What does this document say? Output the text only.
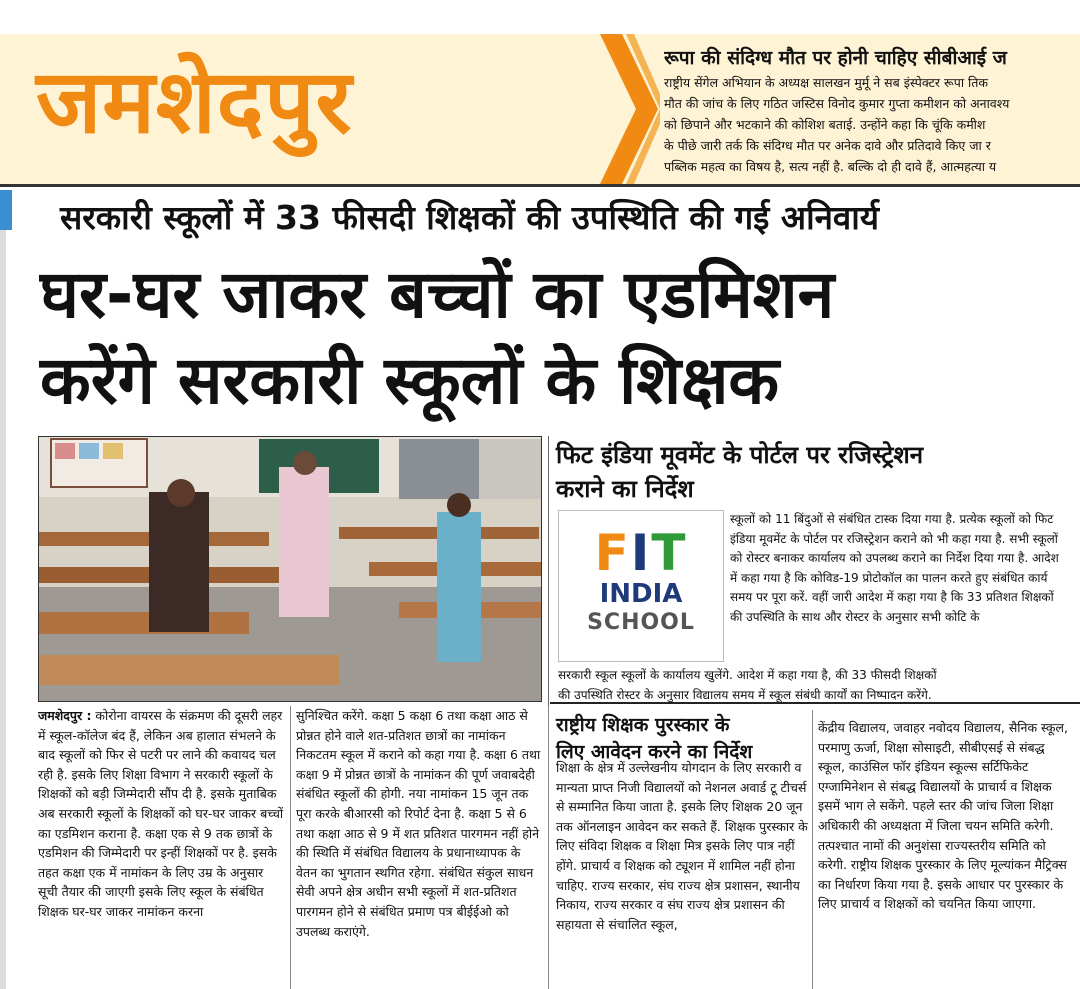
जमशेदपुर	रूपा की संदिग्ध मौत पर होनी चाहिए सीबीआई ज
राष्ट्रीय सेंगेल अभियान के अध्यक्ष सालखन मुर्मू ने सब इंस्पेक्टर रूपा तिक
मौत की जांच के लिए गठित जस्टिस विनोद कुमार गुप्ता कमीशन को अनावश्य
को छिपाने और भटकाने की कोशिश बताई. उन्होंने कहा कि चूंकि कमीश
के पीछे जारी तर्क कि संदिग्ध मौत पर अनेक दावे और प्रतिदावे किए जा र
पब्लिक महत्व का विषय है, सत्य नहीं है. बल्कि दो ही दावे हैं, आत्महत्या य
सरकारी स्कूलों में 33 फीसदी शिक्षकों की उपस्थिति की गई अनिवार्य
घर-घर जाकर बच्चों का एडमिशन
करेंगे सरकारी स्कूलों के शिक्षक
फिट इंडिया मूवमेंट के पोर्टल पर रजिस्ट्रेशन
कराने का निर्देश
FIT
INDIA
SCHOOL
स्कूलों को 11 बिंदुओं से संबंधित टास्क दिया गया है. प्रत्येक स्कूलों को फिट इंडिया मूवमेंट के पोर्टल पर रजिस्ट्रेशन कराने को भी कहा गया है. सभी स्कूलों को रोस्टर बनाकर कार्यालय को उपलब्ध कराने का निर्देश दिया गया है. आदेश में कहा गया है कि कोविड-19 प्रोटोकॉल का पालन करते हुए संबंधित कार्य समय पर पूरा करें. वहीं जारी आदेश में कहा गया है कि 33 प्रतिशत शिक्षकों की उपस्थिति के साथ और रोस्टर के अनुसार सभी कोटि के
सरकारी स्कूल स्कूलों के कार्यालय खुलेंगे. आदेश में कहा गया है, की 33 फीसदी शिक्षकों
की उपस्थिति रोस्टर के अनुसार विद्यालय समय में स्कूल संबंधी कार्यों का निष्पादन करेंगे.
जमशेदपुर : कोरोना वायरस के संक्रमण की दूसरी लहर में स्कूल-कॉलेज बंद हैं, लेकिन अब हालात संभलने के बाद स्कूलों को फिर से पटरी पर लाने की कवायद चल रही है. इसके लिए शिक्षा विभाग ने सरकारी स्कूलों के शिक्षकों को बड़ी जिम्मेदारी सौंप दी है. इसके मुताबिक अब सरकारी स्कूलों के शिक्षकों को घर-घर जाकर बच्चों का एडमिशन कराना है. कक्षा एक से 9 तक छात्रों के एडमिशन की जिम्मेदारी पर इन्हीं शिक्षकों पर है. इसके तहत कक्षा एक में नामांकन के लिए उम्र के अनुसार सूची तैयार की जाएगी इसके लिए स्कूल के संबंधित शिक्षक घर-घर जाकर नामांकन करना
सुनिश्चित करेंगे. कक्षा 5 कक्षा 6 तथा कक्षा आठ से प्रोन्नत होने वाले शत-प्रतिशत छात्रों का नामांकन निकटतम स्कूल में कराने को कहा गया है. कक्षा 6 तथा कक्षा 9 में प्रोन्नत छात्रों के नामांकन की पूर्ण जवाबदेही संबंधित स्कूलों की होगी. नया नामांकन 15 जून तक पूरा करके बीआरसी को रिपोर्ट देना है. कक्षा 5 से 6 तथा कक्षा आठ से 9 में शत प्रतिशत पारगमन नहीं होने की स्थिति में संबंधित विद्यालय के प्रधानाध्यापक के वेतन का भुगतान स्थगित रहेगा. संबंधित संकुल साधन सेवी अपने क्षेत्र अधीन सभी स्कूलों में शत-प्रतिशत पारगमन होने से संबंधित प्रमाण पत्र बीईईओ को उपलब्ध कराएंगे.
राष्ट्रीय शिक्षक पुरस्कार के
लिए आवेदन करने का निर्देश
शिक्षा के क्षेत्र में उल्लेखनीय योगदान के लिए सरकारी व मान्यता प्राप्त निजी विद्यालयों को नेशनल अवार्ड टू टीचर्स से सम्मानित किया जाता है. इसके लिए शिक्षक 20 जून तक ऑनलाइन आवेदन कर सकते हैं. शिक्षक पुरस्कार के लिए संविदा शिक्षक व शिक्षा मित्र इसके लिए पात्र नहीं होंगे. प्राचार्य व शिक्षक को ट्यूशन में शामिल नहीं होना चाहिए. राज्य सरकार, संघ राज्य क्षेत्र प्रशासन, स्थानीय निकाय, राज्य सरकार व संघ राज्य क्षेत्र प्रशासन की सहायता से संचालित स्कूल,
केंद्रीय विद्यालय, जवाहर नवोदय विद्यालय, सैनिक स्कूल, परमाणु ऊर्जा, शिक्षा सोसाइटी, सीबीएसई से संबद्ध स्कूल, काउंसिल फॉर इंडियन स्कूल्स सर्टिफिकेट एग्जामिनेशन से संबद्ध विद्यालयों के प्राचार्य व शिक्षक इसमें भाग ले सकेंगे. पहले स्तर की जांच जिला शिक्षा अधिकारी की अध्यक्षता में जिला चयन समिति करेगी. तत्पश्चात नामों की अनुशंसा राज्यस्तरीय समिति को करेगी. राष्ट्रीय शिक्षक पुरस्कार के लिए मूल्यांकन मैट्रिक्स का निर्धारण किया गया है. इसके आधार पर पुरस्कार के लिए प्राचार्य व शिक्षकों को चयनित किया जाएगा.
